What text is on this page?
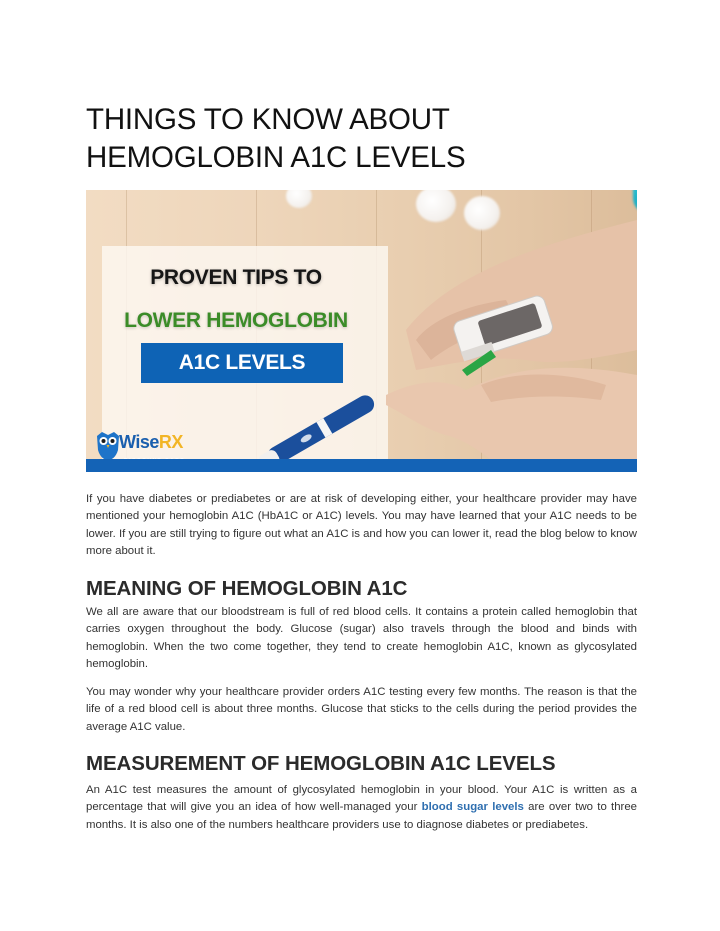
THINGS TO KNOW ABOUT
HEMOGLOBIN A1C LEVELS
PROVEN TIPS TO
LOWER HEMOGLOBIN
A1C LEVELS
WiseRX

If you have diabetes or prediabetes or are at risk of developing either, your healthcare provider may have mentioned your hemoglobin A1C (HbA1C or A1C) levels. You may have learned that your A1C needs to be lower. If you are still trying to figure out what an A1C is and how you can lower it, read the blog below to know more about it.

MEANING OF HEMOGLOBIN A1C

We all are aware that our bloodstream is full of red blood cells. It contains a protein called hemoglobin that carries oxygen throughout the body. Glucose (sugar) also travels through the blood and binds with hemoglobin. When the two come together, they tend to create hemoglobin A1C, known as glycosylated hemoglobin.

You may wonder why your healthcare provider orders A1C testing every few months. The reason is that the life of a red blood cell is about three months. Glucose that sticks to the cells during the period provides the average A1C value.

MEASUREMENT OF HEMOGLOBIN A1C LEVELS

An A1C test measures the amount of glycosylated hemoglobin in your blood. Your A1C is written as a percentage that will give you an idea of how well-managed your blood sugar levels are over two to three months. It is also one of the numbers healthcare providers use to diagnose diabetes or prediabetes.
